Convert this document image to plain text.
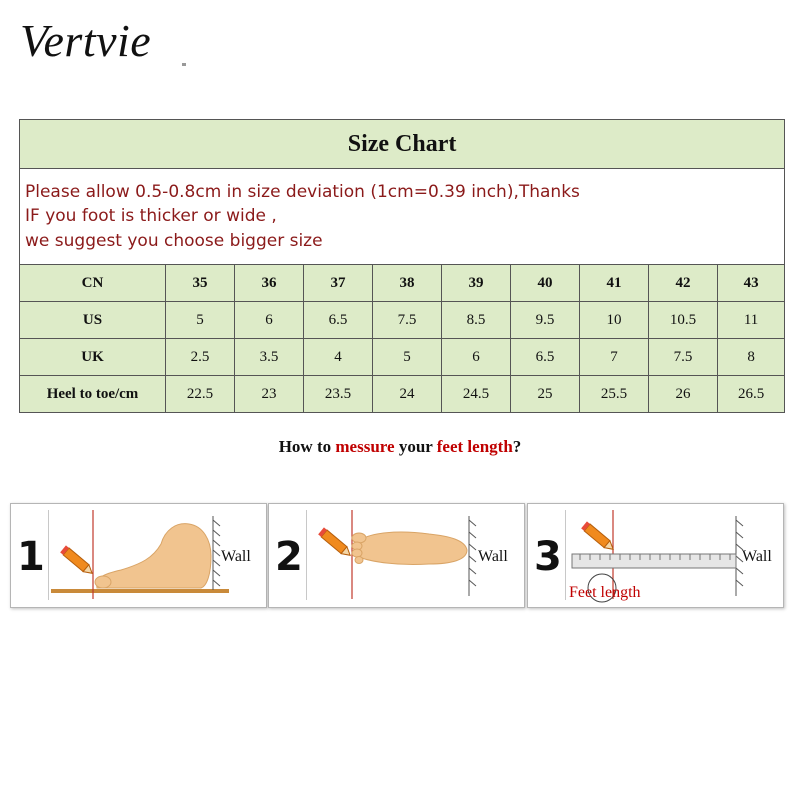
Vertvie
Size Chart									

Please allow 0.5-0.8cm in size deviation (1cm=0.39 inch),Thanks
IF you foot is thicker or wide ,
we suggest you choose bigger size									

CN	35	36	37	38	39	40	41	42	43
US	5	6	6.5	7.5	8.5	9.5	10	10.5	11
UK	2.5	3.5	4	5	6	6.5	7	7.5	8
Heel to toe/cm	22.5	23	23.5	24	24.5	25	25.5	26	26.5
How to messure your feet length?
1	Wall 2	Wall 3	Wall
Feet length
